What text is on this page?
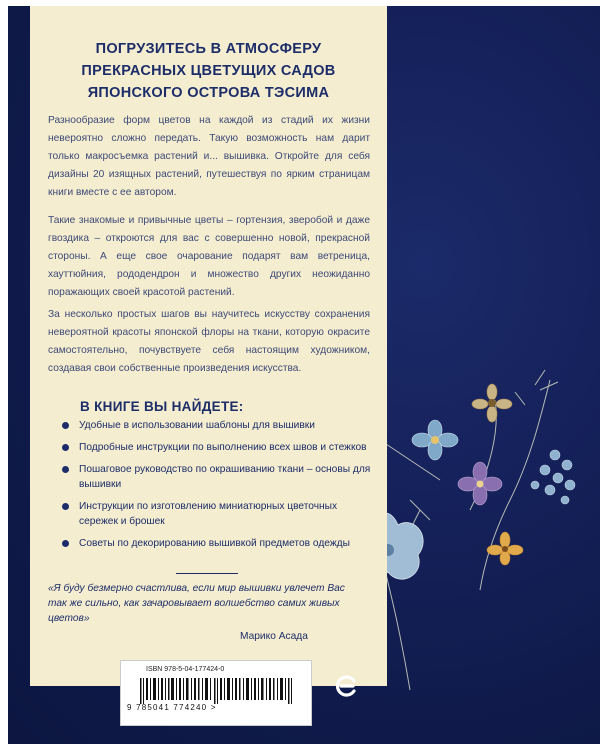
ПОГРУЗИТЕСЬ В АТМОСФЕРУ
ПРЕКРАСНЫХ ЦВЕТУЩИХ САДОВ
ЯПОНСКОГО ОСТРОВА ТЭСИМА
Разнообразие форм цветов на каждой из стадий их жизни невероятно сложно передать. Такую возможность нам дарит только макросъемка растений и... вышивка. Откройте для себя дизайны 20 изящных растений, путешествуя по ярким страницам книги вместе с ее автором.
Такие знакомые и привычные цветы – гортензия, зверобой и даже гвоздика – откроются для вас с совершенно новой, прекрасной стороны. А еще свое очарование подарят вам ветреница, хауттюйния, рододендрон и множество других неожиданно поражающих своей красотой растений.
За несколько простых шагов вы научитесь искусству сохранения невероятной красоты японской флоры на ткани, которую окрасите самостоятельно, почувствуете себя настоящим художником, создавая свои собственные произведения искусства.
В КНИГЕ ВЫ НАЙДЕТЕ:
Удобные в использовании шаблоны для вышивки
Подробные инструкции по выполнению всех швов и стежков
Пошаговое руководство по окрашиванию ткани – основы для вышивки
Инструкции по изготовлению миниатюрных цветочных сережек и брошек
Советы по декорированию вышивкой предметов одежды
«Я буду безмерно счастлива, если мир вышивки увлечет Вас так же сильно, как зачаровывает волшебство самих живых цветов»
Марико Асада
ISBN 978-5-04-177424-0
9 785041 774240 >
